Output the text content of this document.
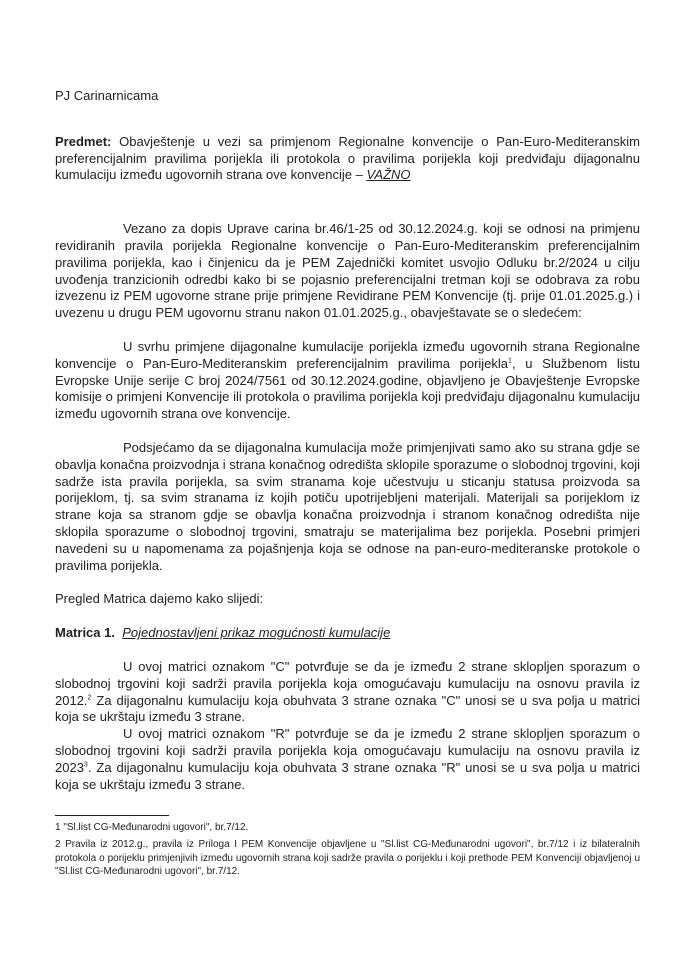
PJ Carinarnicama

Predmet: Obavještenje u vezi sa primjenom Regionalne konvencije o Pan-Euro-Mediteranskim preferencijalnim pravilima porijekla ili protokola o pravilima porijekla koji predviđaju dijagonalnu kumulaciju između ugovornih strana ove konvencije – VAŽNO

Vezano za dopis Uprave carina br.46/1-25 od 30.12.2024.g. koji se odnosi na primjenu revidiranih pravila porijekla Regionalne konvencije o Pan-Euro-Mediteranskim preferencijalnim pravilima porijekla, kao i činjenicu da je PEM Zajednički komitet usvojio Odluku br.2/2024 u cilju uvođenja tranzicionih odredbi kako bi se pojasnio preferencijalni tretman koji se odobrava za robu izvezenu iz PEM ugovorne strane prije primjene Revidirane PEM Konvencije (tj. prije 01.01.2025.g.) i uvezenu u drugu PEM ugovornu stranu nakon 01.01.2025.g., obavještavate se o sledećem:

U svrhu primjene dijagonalne kumulacije porijekla između ugovornih strana Regionalne konvencije o Pan-Euro-Mediteranskim preferencijalnim pravilima porijekla$^1$, u Službenom listu Evropske Unije serije C broj 2024/7561 od 30.12.2024.godine, objavljeno je Obavještenje Evropske komisije o primjeni Konvencije ili protokola o pravilima porijekla koji predviđaju dijagonalnu kumulaciju između ugovornih strana ove konvencije.

Podsjećamo da se dijagonalna kumulacija može primjenjivati samo ako su strana gdje se obavlja konačna proizvodnja i strana konačnog odredišta sklopile sporazume o slobodnoj trgovini, koji sadrže ista pravila porijekla, sa svim stranama koje učestvuju u sticanju statusa proizvoda sa porijeklom, tj. sa svim stranama iz kojih potiču upotrijebljeni materijali. Materijali sa porijeklom iz strane koja sa stranom gdje se obavlja konačna proizvodnja i stranom konačnog odredišta nije sklopila sporazume o slobodnoj trgovini, smatraju se materijalima bez porijekla. Posebni primjeri navedeni su u napomenama za pojašnjenja koja se odnose na pan-euro-mediteranske protokole o pravilima porijekla.

Pregled Matrica dajemo kako slijedi:

Matrica 1. Pojednostavljeni prikaz mogućnosti kumulacije

U ovoj matrici oznakom "C" potvrđuje se da je između 2 strane sklopljen sporazum o slobodnoj trgovini koji sadrži pravila porijekla koja omogućavaju kumulaciju na osnovu pravila iz 2012.$^2$ Za dijagonalnu kumulaciju koja obuhvata 3 strane oznaka "C" unosi se u sva polja u matrici koja se ukrštaju između 3 strane.

U ovoj matrici oznakom "R" potvrđuje se da je između 2 strane sklopljen sporazum o slobodnoj trgovini koji sadrži pravila porijekla koja omogućavaju kumulaciju na osnovu pravila iz 2023$^3$. Za dijagonalnu kumulaciju koja obuhvata 3 strane oznaka "R" unosi se u sva polja u matrici koja se ukrštaju između 3 strane.

1 "Sl.list CG-Međunarodni ugovori", br.7/12.

2 Pravila iz 2012.g., pravila iz Priloga I PEM Konvencije objavljene u "Sl.list CG-Međunarodni ugovori", br.7/12 i iz bilateralnih protokola o porijeklu primjenjivih između ugovornih strana koji sadrže pravila o porijeklu i koji prethode PEM Konvenciji objavljenoj u "Sl.list CG-Međunarodni ugovori", br.7/12.
